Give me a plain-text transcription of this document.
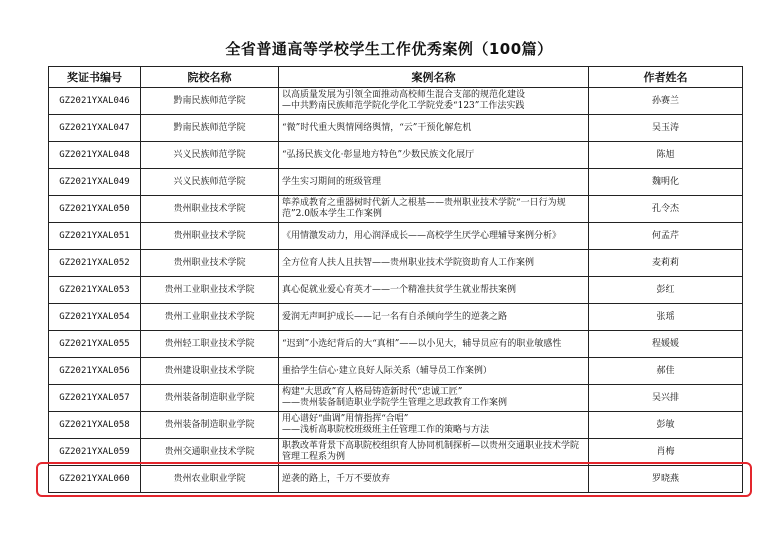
全省普通高等学校学生工作优秀案例（100篇）
奖证书编号	院校名称	案例名称	作者姓名
GZ2021YXAL046	黔南民族师范学院	以高质量发展为引领全面推动高校师生混合支部的规范化建设
—中共黔南民族师范学院化学化工学院党委“123”工作法实践	孙赛兰
GZ2021YXAL047	黔南民族师范学院	“微”时代重大舆情网络舆情，“云”干预化解危机	吴玉涛
GZ2021YXAL048	兴义民族师范学院	“弘扬民族文化·彰显地方特色”少数民族文化展厅	陈旭
GZ2021YXAL049	兴义民族师范学院	学生实习期间的班级管理	魏明化
GZ2021YXAL050	贵州职业技术学院	筚养成教育之重器树时代新人之根基——贵州职业技术学院“一日行为规范”2.0版本学生工作案例	孔令杰
GZ2021YXAL051	贵州职业技术学院	《用情激发动力，用心润泽成长——高校学生厌学心理辅导案例分析》	何孟芹
GZ2021YXAL052	贵州职业技术学院	全方位育人扶人且扶智——贵州职业技术学院资助育人工作案例	麦莉莉
GZ2021YXAL053	贵州工业职业技术学院	真心促就业爱心育英才——一个精准扶贫学生就业帮扶案例	彭红
GZ2021YXAL054	贵州工业职业技术学院	爱润无声呵护成长——记一名有自杀倾向学生的逆袭之路	张瑶
GZ2021YXAL055	贵州轻工职业技术学院	“迟到”小选纪背后的大“真相”——以小见大，辅导员应有的职业敏感性	程媛媛
GZ2021YXAL056	贵州建设职业技术学院	重拾学生信心·建立良好人际关系（辅导员工作案例）	郝佳
GZ2021YXAL057	贵州装备制造职业学院	构建“大思政”育人格局铸造新时代“忠诚工匠”
——贵州装备制造职业学院学生管理之思政教育工作案例	吴兴排
GZ2021YXAL058	贵州装备制造职业学院	用心谱好“曲调”用情指挥“合唱”
——浅析高职院校班级班主任管理工作的策略与方法	彭敏
GZ2021YXAL059	贵州交通职业技术学院	职教改革背景下高职院校组织育人协同机制探析—以贵州交通职业技术学院管理工程系为例	肖梅
GZ2021YXAL060	贵州农业职业学院	逆袭的路上，千万不要放弃	罗晓燕
